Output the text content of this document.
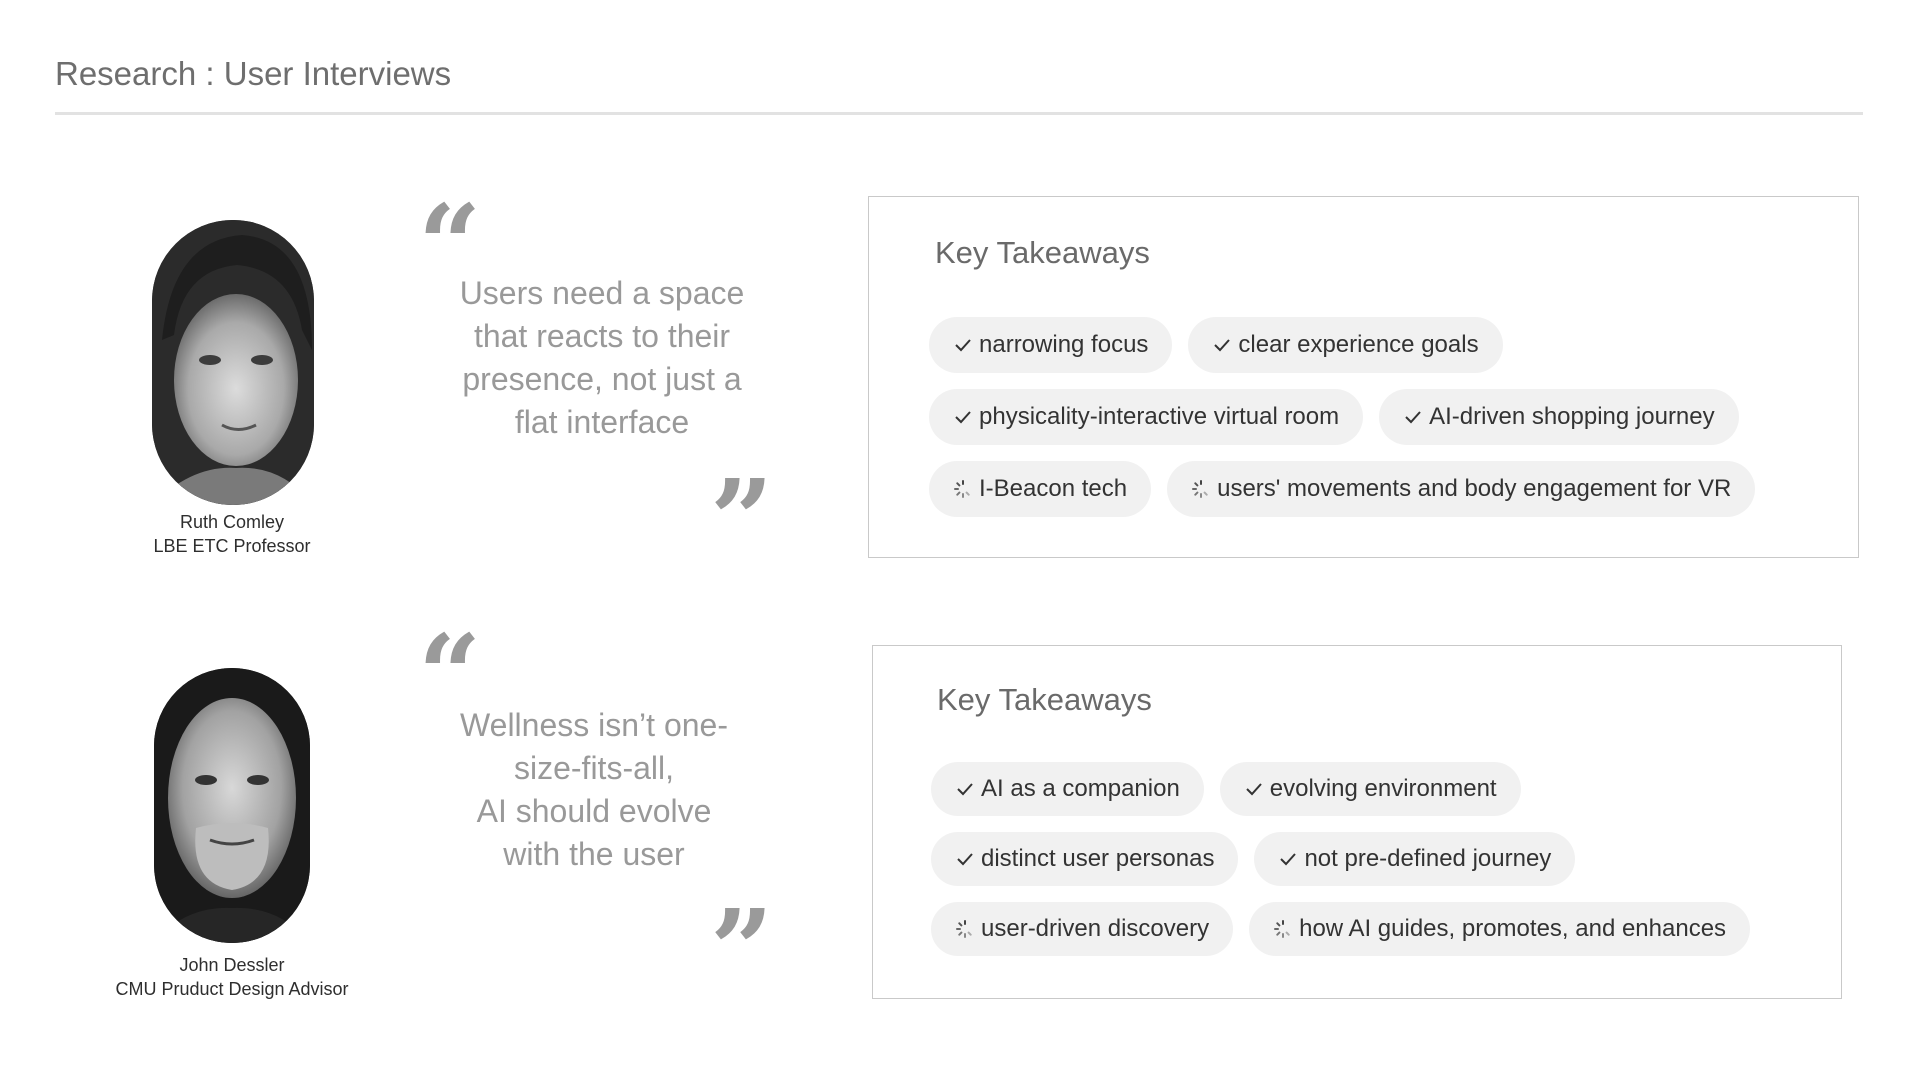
Research : User Interviews
Ruth Comley
LBE ETC Professor
“
Users need a space
that reacts to their
presence, not just a
flat interface
”
Key Takeaways
narrowing focus	clear experience goals
physicality-interactive virtual room	AI-driven shopping journey
I-Beacon tech	users' movements and body engagement for VR
John Dessler
CMU Pruduct Design Advisor
“
Wellness isn’t one-
size-fits-all,
AI should evolve
with the user
”
Key Takeaways
AI as a companion	evolving environment
distinct user personas	not pre-defined journey
user-driven discovery	how AI guides, promotes, and enhances
